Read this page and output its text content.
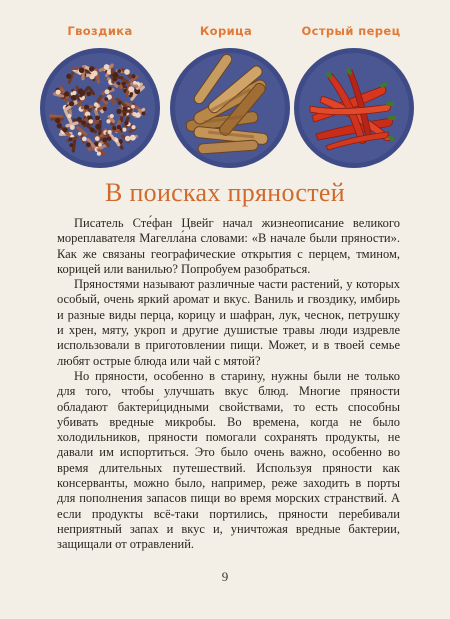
Гвоздика	Корица	Острый перец
В поисках пряностей

Писатель Сте́фан Цвейг начал жизнеописание великого мореплавателя Магелла́на словами: «В начале были пряности». Как же связаны географические открытия с перцем, тмином, корицей или ванилью? Попробуем разобраться.

Пряностями называют различные части растений, у которых особый, очень яркий аромат и вкус. Ваниль и гвоздику, имбирь и разные виды перца, корицу и шафран, лук, чеснок, петрушку и хрен, мяту, укроп и другие душистые травы люди издревле использовали в приготовлении пищи. Может, и в твоей семье любят острые блюда или чай с мятой?

Но пряности, особенно в старину, нужны были не только для того, чтобы улучшать вкус блюд. Многие пряности обладают бактери́цидными свойствами, то есть способны убивать вредные микробы. Во времена, когда не было холодильников, пряности помогали сохранять продукты, не давали им испортиться. Это было очень важно, особенно во время длительных путешествий. Используя пряности как консерванты, можно было, например, реже заходить в порты для пополнения запасов пищи во время морских странствий. А если продукты всё-таки портились, пряности перебивали неприятный запах и вкус и, уничтожая вредные бактерии, защищали от отравлений.

9
